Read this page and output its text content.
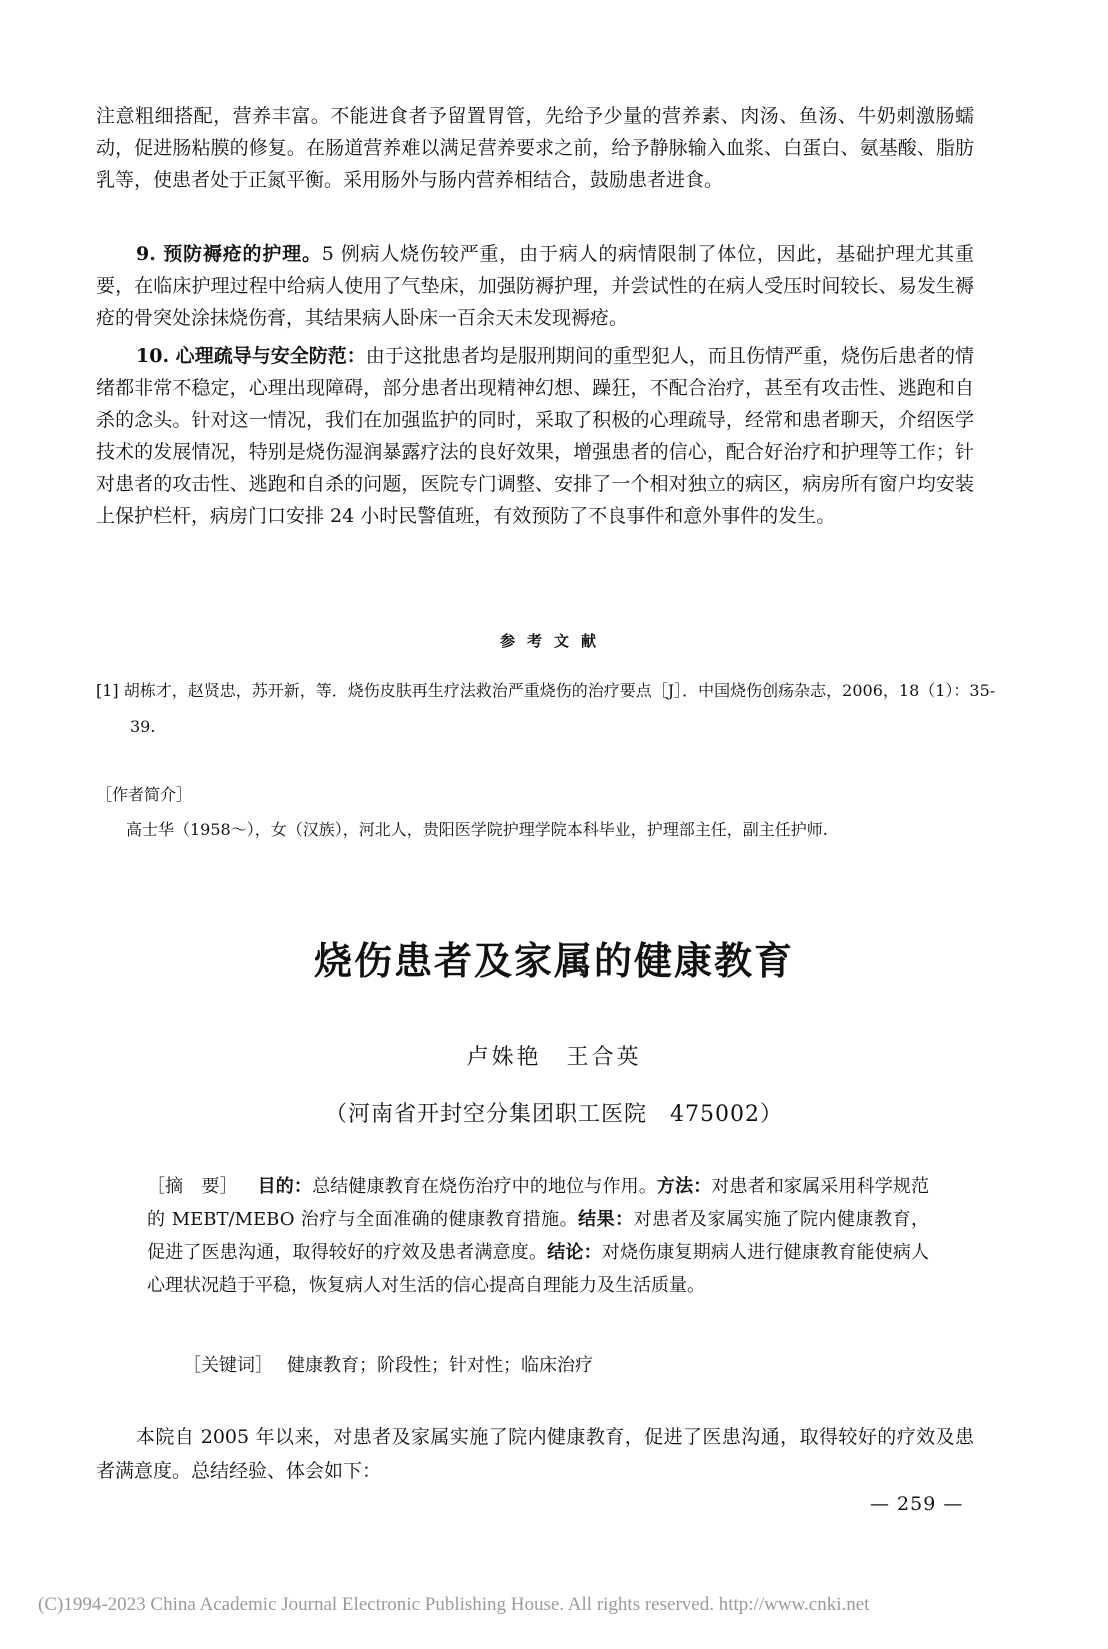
注意粗细搭配，营养丰富。不能进食者予留置胃管，先给予少量的营养素、肉汤、鱼汤、牛奶刺激肠蠕动，促进肠粘膜的修复。在肠道营养难以满足营养要求之前，给予静脉输入血浆、白蛋白、氨基酸、脂肪乳等，使患者处于正氮平衡。采用肠外与肠内营养相结合，鼓励患者进食。

9. 预防褥疮的护理。5 例病人烧伤较严重，由于病人的病情限制了体位，因此，基础护理尤其重要，在临床护理过程中给病人使用了气垫床，加强防褥护理，并尝试性的在病人受压时间较长、易发生褥疮的骨突处涂抹烧伤膏，其结果病人卧床一百余天未发现褥疮。

10. 心理疏导与安全防范：由于这批患者均是服刑期间的重型犯人，而且伤情严重，烧伤后患者的情绪都非常不稳定，心理出现障碍，部分患者出现精神幻想、躁狂，不配合治疗，甚至有攻击性、逃跑和自杀的念头。针对这一情况，我们在加强监护的同时，采取了积极的心理疏导，经常和患者聊天，介绍医学技术的发展情况，特别是烧伤湿润暴露疗法的良好效果，增强患者的信心，配合好治疗和护理等工作；针对患者的攻击性、逃跑和自杀的问题，医院专门调整、安排了一个相对独立的病区，病房所有窗户均安装上保护栏杆，病房门口安排 24 小时民警值班，有效预防了不良事件和意外事件的发生。

参考文献

[1] 胡栋才，赵贤忠，苏开新，等．烧伤皮肤再生疗法救治严重烧伤的治疗要点［J］．中国烧伤创疡杂志，2006，18（1）：35-39.

［作者简介］
高士华（1958～），女（汉族），河北人，贵阳医学院护理学院本科毕业，护理部主任，副主任护师.
烧伤患者及家属的健康教育
卢姝艳　王合英
（河南省开封空分集团职工医院　475002）

［摘　要］ 目的：总结健康教育在烧伤治疗中的地位与作用。方法：对患者和家属采用科学规范的 MEBT/MEBO 治疗与全面准确的健康教育措施。结果：对患者及家属实施了院内健康教育，促进了医患沟通，取得较好的疗效及患者满意度。结论：对烧伤康复期病人进行健康教育能使病人心理状况趋于平稳，恢复病人对生活的信心提高自理能力及生活质量。

［关键词］ 健康教育；阶段性；针对性；临床治疗

本院自 2005 年以来，对患者及家属实施了院内健康教育，促进了医患沟通，取得较好的疗效及患者满意度。总结经验、体会如下：

— 259 —
(C)1994-2023 China Academic Journal Electronic Publishing House. All rights reserved. http://www.cnki.net
